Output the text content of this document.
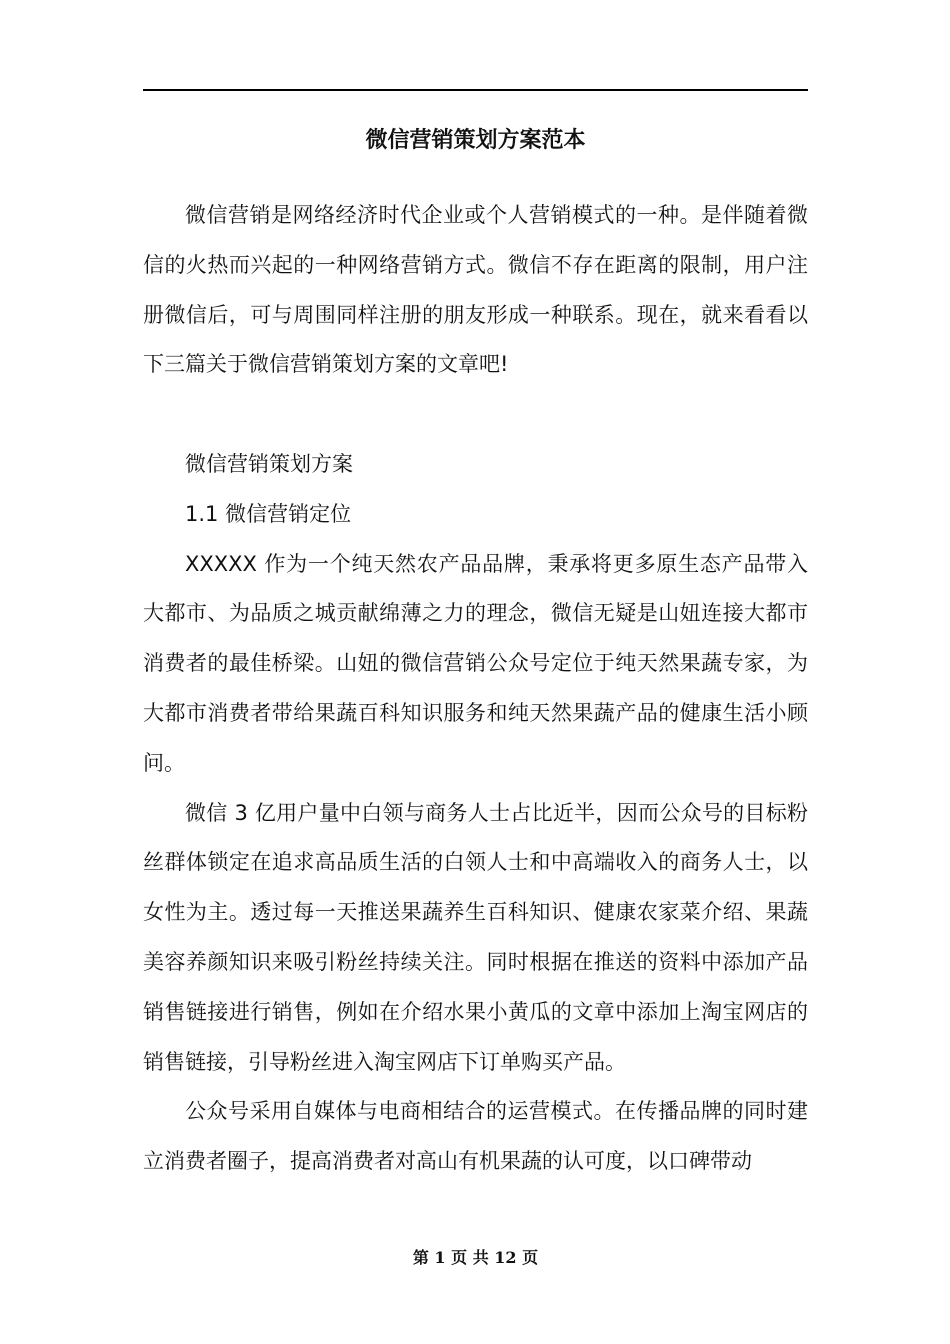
微信营销策划方案范本

微信营销是网络经济时代企业或个人营销模式的一种。是伴随着微信的火热而兴起的一种网络营销方式。微信不存在距离的限制，用户注册微信后，可与周围同样注册的朋友形成一种联系。现在，就来看看以下三篇关于微信营销策划方案的文章吧!

微信营销策划方案

1.1 微信营销定位

XXXXX 作为一个纯天然农产品品牌，秉承将更多原生态产品带入大都市、为品质之城贡献绵薄之力的理念，微信无疑是山妞连接大都市消费者的最佳桥梁。山妞的微信营销公众号定位于纯天然果蔬专家，为大都市消费者带给果蔬百科知识服务和纯天然果蔬产品的健康生活小顾问。

微信 3 亿用户量中白领与商务人士占比近半，因而公众号的目标粉丝群体锁定在追求高品质生活的白领人士和中高端收入的商务人士，以女性为主。透过每一天推送果蔬养生百科知识、健康农家菜介绍、果蔬美容养颜知识来吸引粉丝持续关注。同时根据在推送的资料中添加产品销售链接进行销售，例如在介绍水果小黄瓜的文章中添加上淘宝网店的销售链接，引导粉丝进入淘宝网店下订单购买产品。

公众号采用自媒体与电商相结合的运营模式。在传播品牌的同时建立消费者圈子，提高消费者对高山有机果蔬的认可度，以口碑带动

第 1 页 共 12 页
